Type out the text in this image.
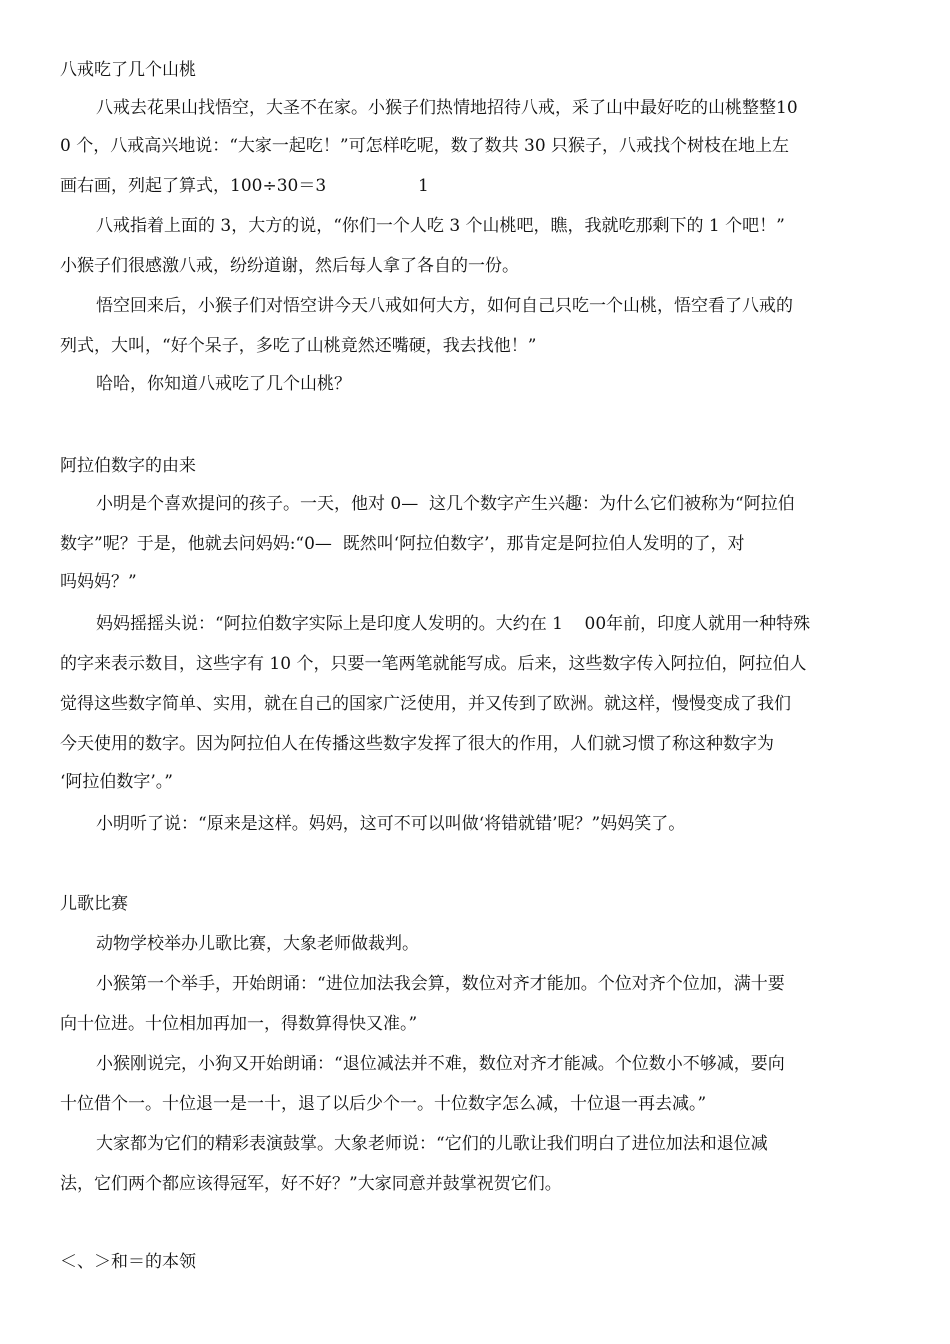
八戒吃了几个山桃

八戒去花果山找悟空，大圣不在家。小猴子们热情地招待八戒，采了山中最好吃的山桃整整10

0 个，八戒高兴地说：“大家一起吃！”可怎样吃呢，数了数共 30 只猴子，八戒找个树枝在地上左

画右画，列起了算式，100÷30＝3                 1

八戒指着上面的 3，大方的说，“你们一个人吃 3 个山桃吧，瞧，我就吃那剩下的 1 个吧！”

小猴子们很感激八戒，纷纷道谢，然后每人拿了各自的一份。

悟空回来后，小猴子们对悟空讲今天八戒如何大方，如何自己只吃一个山桃，悟空看了八戒的

列式，大叫，“好个呆子，多吃了山桃竟然还嘴硬，我去找他！”

哈哈，你知道八戒吃了几个山桃？

阿拉伯数字的由来

小明是个喜欢提问的孩子。一天，他对 0—  这几个数字产生兴趣：为什么它们被称为“阿拉伯

数字”呢？于是，他就去问妈妈:“0—  既然叫‘阿拉伯数字’，那肯定是阿拉伯人发明的了，对

吗妈妈？”

妈妈摇摇头说：“阿拉伯数字实际上是印度人发明的。大约在 1    00年前，印度人就用一种特殊

的字来表示数目，这些字有 10 个，只要一笔两笔就能写成。后来，这些数字传入阿拉伯，阿拉伯人

觉得这些数字简单、实用，就在自己的国家广泛使用，并又传到了欧洲。就这样，慢慢变成了我们

今天使用的数字。因为阿拉伯人在传播这些数字发挥了很大的作用，人们就习惯了称这种数字为

‘阿拉伯数字’。”

小明听了说：“原来是这样。妈妈，这可不可以叫做‘将错就错’呢？”妈妈笑了。

儿歌比赛

动物学校举办儿歌比赛，大象老师做裁判。

小猴第一个举手，开始朗诵：“进位加法我会算，数位对齐才能加。个位对齐个位加，满十要

向十位进。十位相加再加一，得数算得快又准。”

小猴刚说完，小狗又开始朗诵：“退位减法并不难，数位对齐才能减。个位数小不够减，要向

十位借个一。十位退一是一十，退了以后少个一。十位数字怎么减，十位退一再去减。”

大家都为它们的精彩表演鼓掌。大象老师说：“它们的儿歌让我们明白了进位加法和退位减

法，它们两个都应该得冠军，好不好？”大家同意并鼓掌祝贺它们。

＜、＞和＝的本领
